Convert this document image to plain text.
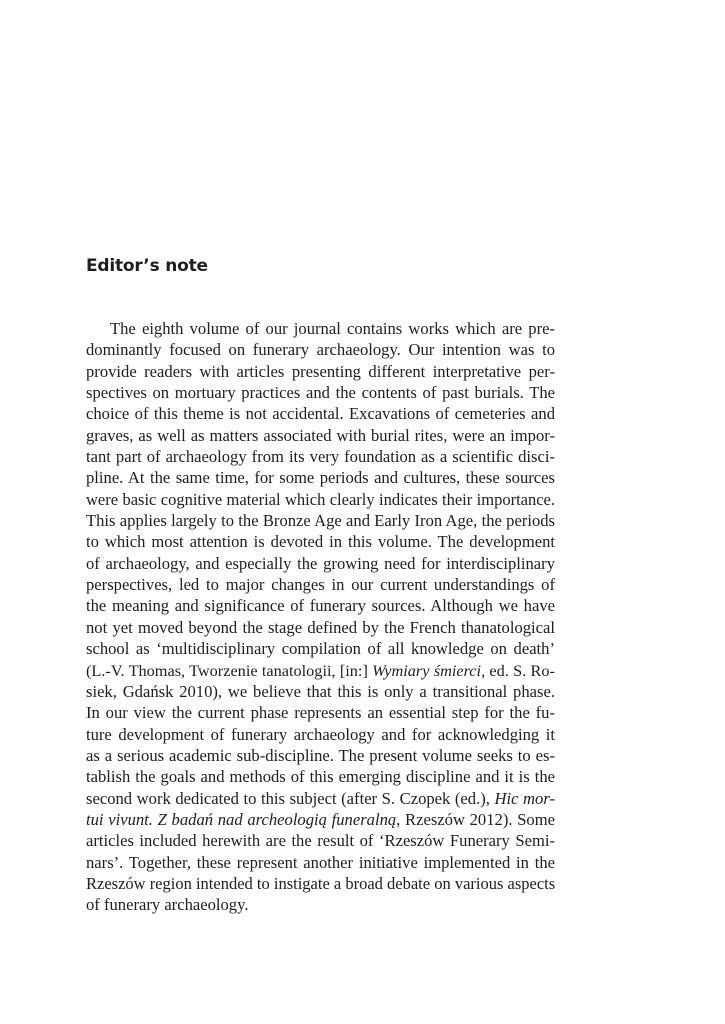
Editor’s note
The eighth volume of our journal contains works which are pre-
dominantly focused on funerary archaeology. Our intention was to
provide readers with articles presenting different interpretative per-
spectives on mortuary practices and the contents of past burials. The
choice of this theme is not accidental. Excavations of cemeteries and
graves, as well as matters associated with burial rites, were an impor-
tant part of archaeology from its very foundation as a scientific disci-
pline. At the same time, for some periods and cultures, these sources
were basic cognitive material which clearly indicates their importance.
This applies largely to the Bronze Age and Early Iron Age, the periods
to which most attention is devoted in this volume. The development
of archaeology, and especially the growing need for interdisciplinary
perspectives, led to major changes in our current understandings of
the meaning and significance of funerary sources. Although we have
not yet moved beyond the stage defined by the French thanatological
school as ‘multidisciplinary compilation of all knowledge on death’
(L.-V. Thomas, Tworzenie tanatologii, [in:] Wymiary śmierci, ed. S. Ro-
siek, Gdańsk 2010), we believe that this is only a transitional phase.
In our view the current phase represents an essential step for the fu-
ture development of funerary archaeology and for acknowledging it
as a serious academic sub-discipline. The present volume seeks to es-
tablish the goals and methods of this emerging discipline and it is the
second work dedicated to this subject (after S. Czopek (ed.), Hic mor-
tui vivunt. Z badań nad archeologią funeralną, Rzeszów 2012). Some
articles included herewith are the result of ‘Rzeszów Funerary Semi-
nars’. Together, these represent another initiative implemented in the
Rzeszów region intended to instigate a broad debate on various aspects
of funerary archaeology.
